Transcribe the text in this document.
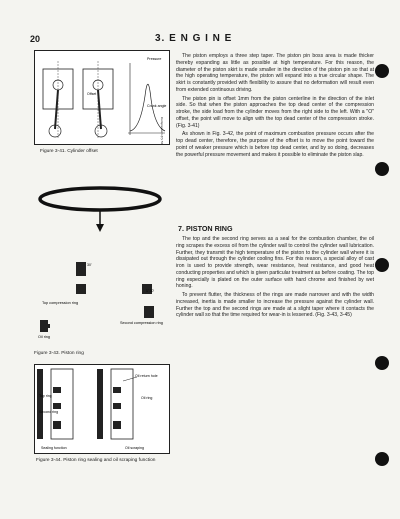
20	3. E N G I N E
Offset
Pressure
Crank angle
Compression (P): 50
Figure 3-41. Cylinder offset
30'
Top compression ring
1' 30'
Second compression ring
Oil ring
Figure 3-43. Piston ring
Top ring
Second ring
Sealing function
Oil return hole
Oil ring
Oil scraping
Figure 3-44. Piston ring sealing and oil scraping function

The piston employs a three step taper. The piston pin boss area is made thicker thereby expanding as little as possible at high temperature. For this reason, the diameter of the piston skirt is made smaller in the direction of the piston pin so that at the high operating temperature, the piston will expand into a true circular shape. The skirt is constantly provided with flexibility to assure that no deformation will result even from extended continuous driving.

The piston pin is offset 1mm from the piston centerline in the direction of the inlet side. So that when the piston approaches the top dead center of the compression stroke, the side load from the cylinder moves from the right side to the left. With a "O" offset, the point will move to align with the top dead center of the compression stroke. (Fig. 3-41)

As shown in Fig. 3-42, the point of maximum combustion pressure occurs after the top dead center, therefore, the purpose of the offset is to move the point toward the point of weaker pressure which is before top dead center, and by so doing, decreases the powerful pressure movement and makes it possible to eliminate the piston slap.

7. PISTON RING

The top and the second ring serves as a seal for the combustion chamber, the oil ring scrapes the excess oil from the cylinder wall to control the cylinder wall lubrication. Further, they transmit the high temperature of the piston to the cylinder wall where it is dissipated out through the cylinder cooling fins. For this reason, a special alloy of cast iron is used to provide strength, wear resistance, heat resistance, and good heat conducting properties and which is given particular treatment as before coating. The top ring especially is plated on the outer surface with hard chrome and finished by wet honing.

To prevent flutter, the thickness of the rings are made narrower and with the width increased, inertia is made smaller to increase the pressure against the cylinder wall. Further the top and the second rings are made at a slight taper where it contacts the cylinder wall so that the time required for wear-in is lessened. (Fig. 3-43, 3-45)
